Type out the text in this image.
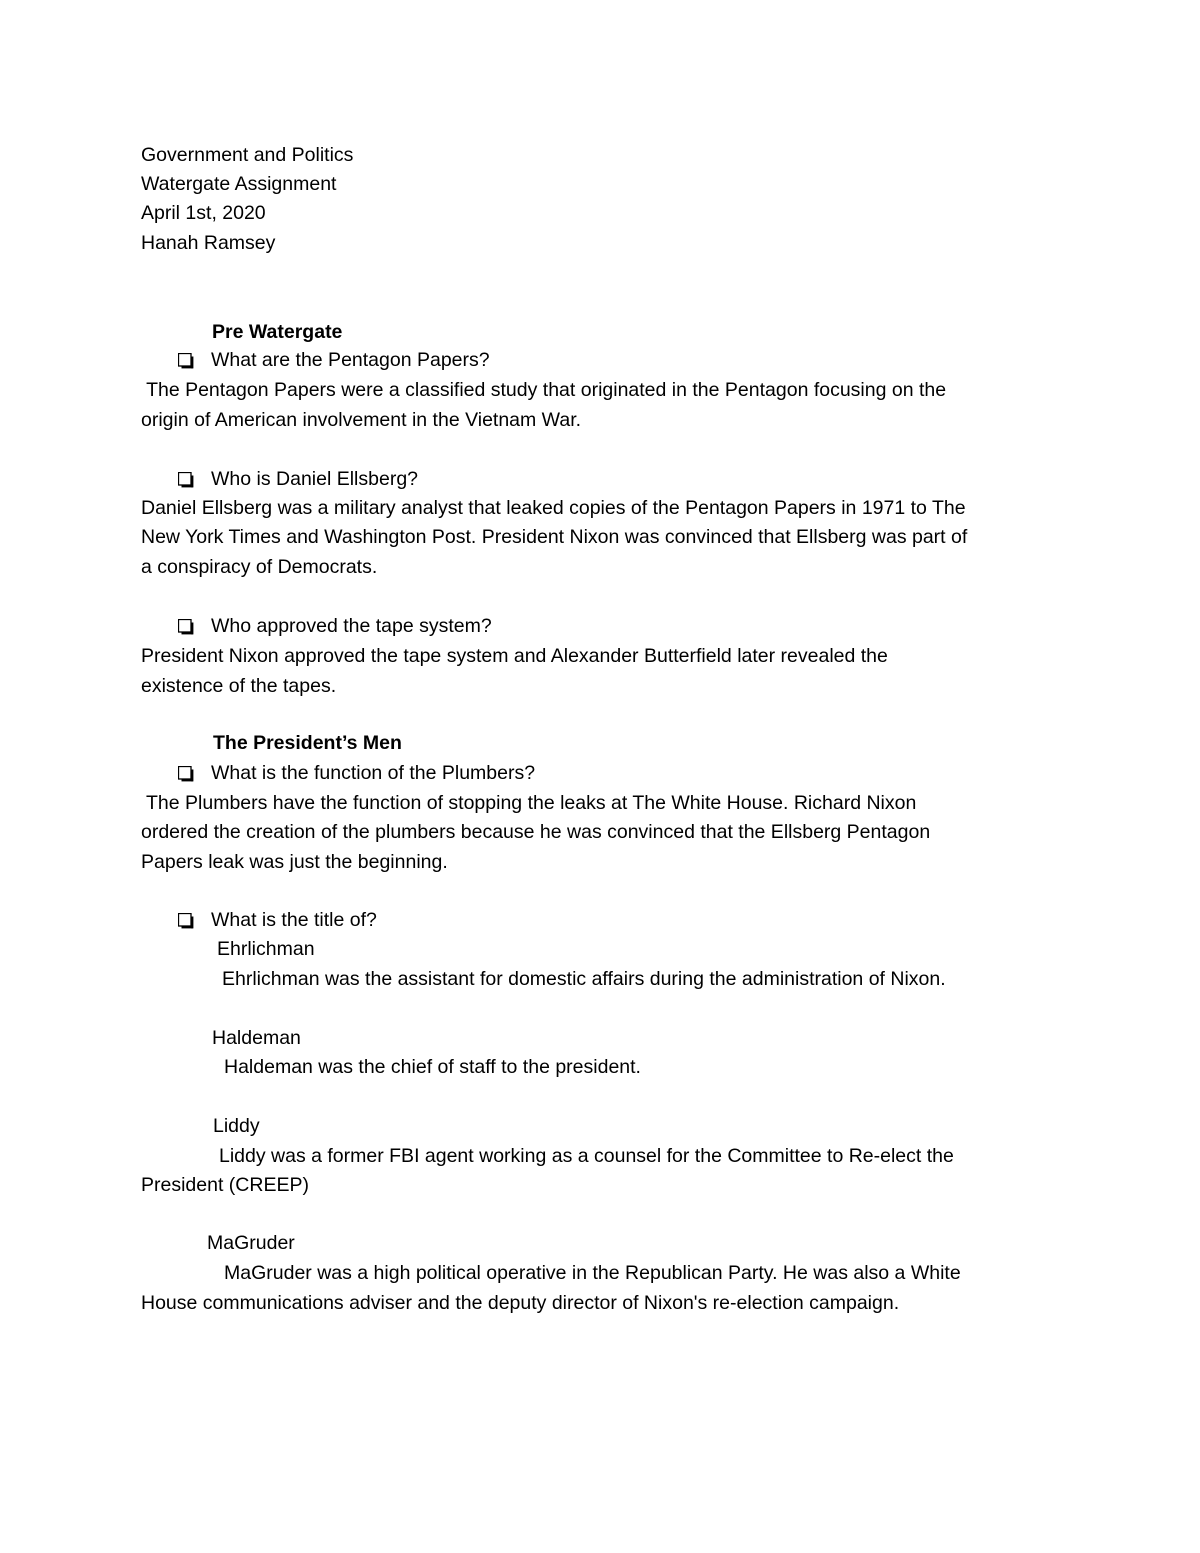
Government and Politics
Watergate Assignment
April 1st, 2020
Hanah Ramsey
Pre Watergate

What are the Pentagon Papers?

The Pentagon Papers were a classified study that originated in the Pentagon focusing on the
origin of American involvement in the Vietnam War.

Who is Daniel Ellsberg?

Daniel Ellsberg was a military analyst that leaked copies of the Pentagon Papers in 1971 to The
New York Times and Washington Post. President Nixon was convinced that Ellsberg was part of
a conspiracy of Democrats.

Who approved the tape system?

President Nixon approved the tape system and Alexander Butterfield later revealed the
existence of the tapes.
The President’s Men

What is the function of the Plumbers?

The Plumbers have the function of stopping the leaks at The White House. Richard Nixon
ordered the creation of the plumbers because he was convinced that the Ellsberg Pentagon
Papers leak was just the beginning.

What is the title of?

Ehrlichman
Ehrlichman was the assistant for domestic affairs during the administration of Nixon.
Haldeman
Haldeman was the chief of staff to the president.
Liddy
Liddy was a former FBI agent working as a counsel for the Committee to Re-elect the
President (CREEP)
MaGruder
MaGruder was a high political operative in the Republican Party. He was also a White
House communications adviser and the deputy director of Nixon's re-election campaign.
